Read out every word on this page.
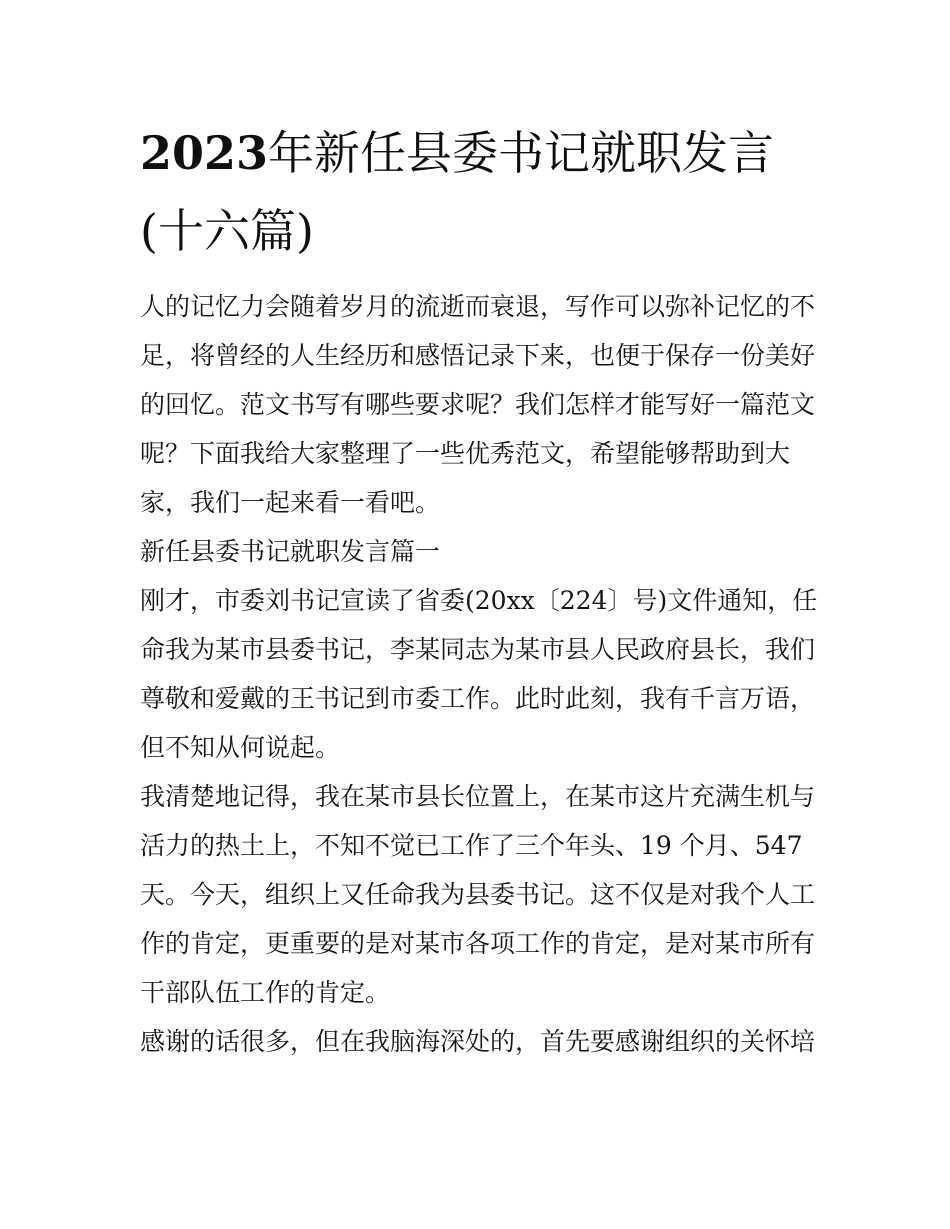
2023年新任县委书记就职发言
(十六篇)
人的记忆力会随着岁月的流逝而衰退，写作可以弥补记忆的不
足，将曾经的人生经历和感悟记录下来，也便于保存一份美好
的回忆。范文书写有哪些要求呢？我们怎样才能写好一篇范文
呢？下面我给大家整理了一些优秀范文，希望能够帮助到大
家，我们一起来看一看吧。
新任县委书记就职发言篇一
刚才，市委刘书记宣读了省委(20xx〔224〕号)文件通知，任
命我为某市县委书记，李某同志为某市县人民政府县长，我们
尊敬和爱戴的王书记到市委工作。此时此刻，我有千言万语，
但不知从何说起。
我清楚地记得，我在某市县长位置上，在某市这片充满生机与
活力的热土上，不知不觉已工作了三个年头、19 个月、547
天。今天，组织上又任命我为县委书记。这不仅是对我个人工
作的肯定，更重要的是对某市各项工作的肯定，是对某市所有
干部队伍工作的肯定。
感谢的话很多，但在我脑海深处的，首先要感谢组织的关怀培
